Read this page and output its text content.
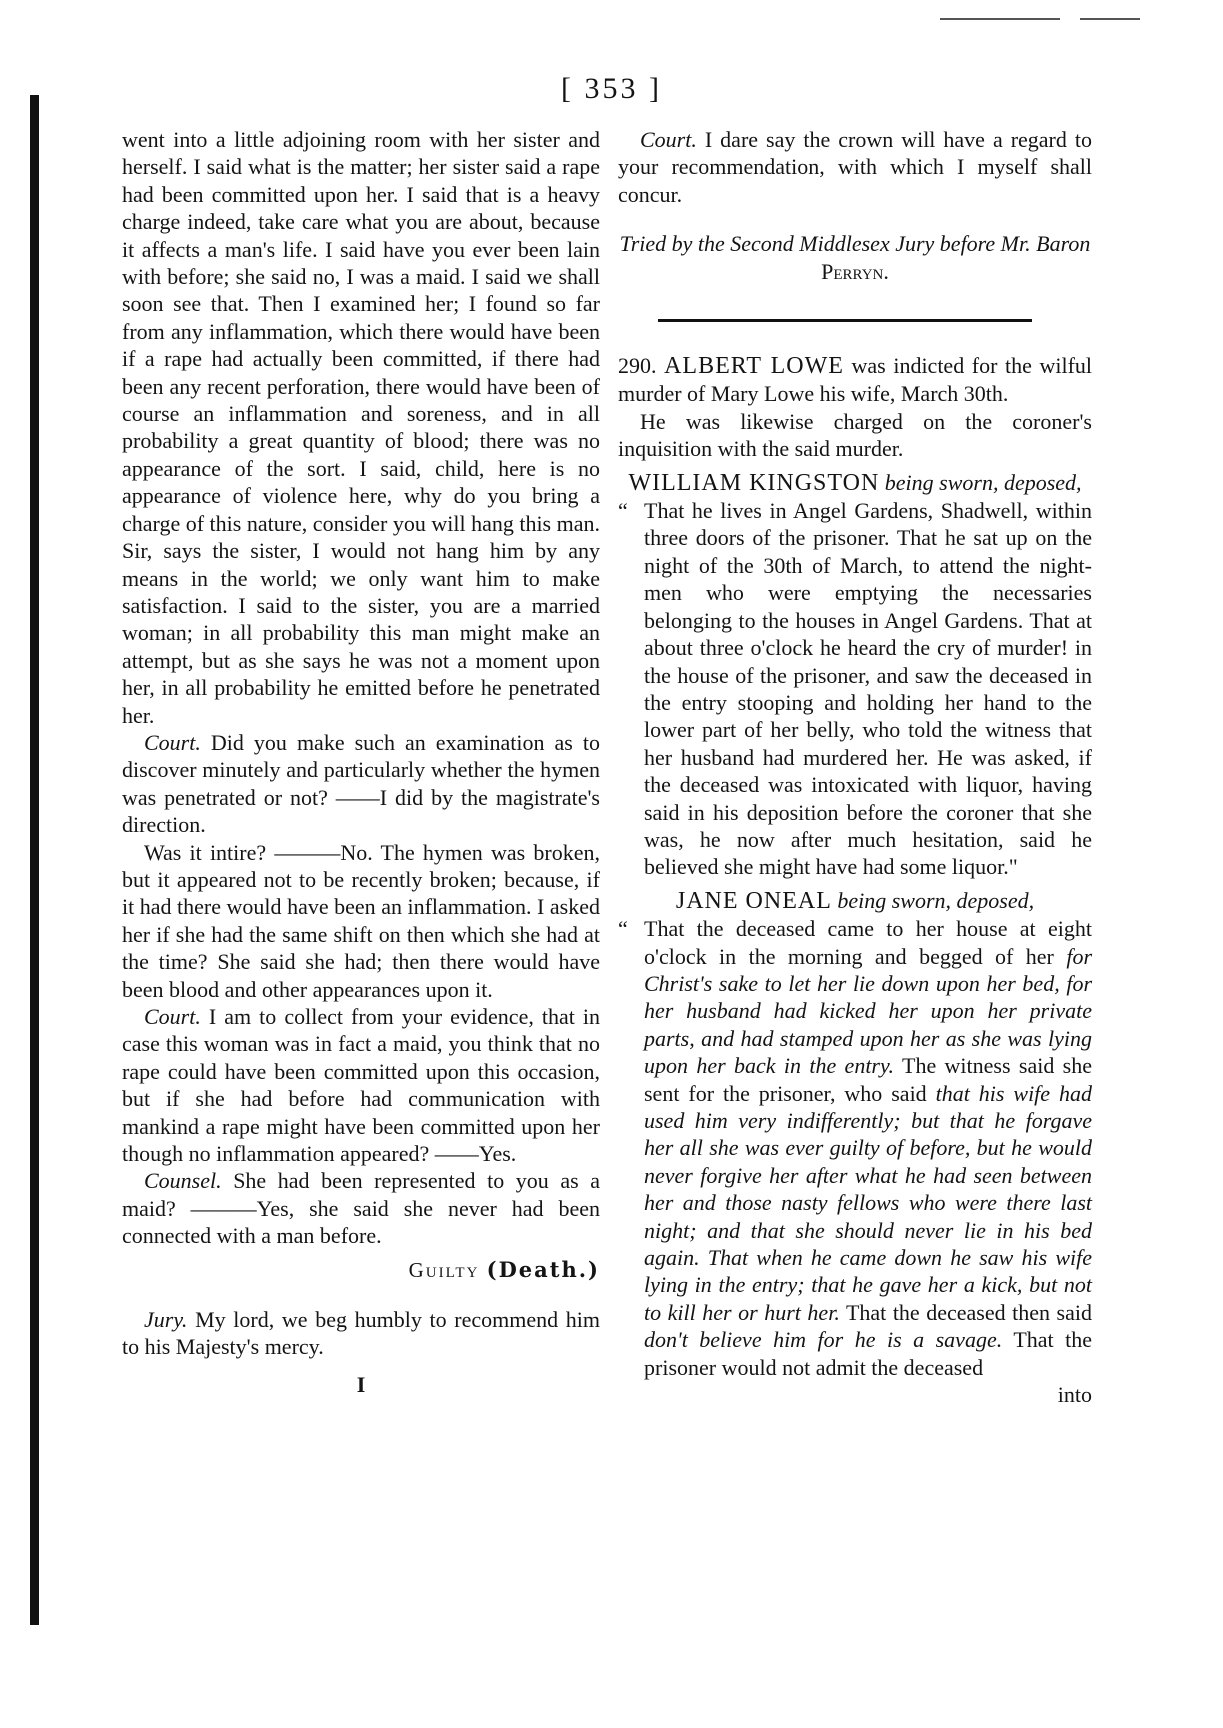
[ 353 ]

went into a little adjoining room with her sister and herself. I said what is the matter; her sister said a rape had been committed upon her. I said that is a heavy charge indeed, take care what you are about, because it affects a man's life. I said have you ever been lain with before; she said no, I was a maid. I said we shall soon see that. Then I examined her; I found so far from any inflammation, which there would have been if a rape had actually been committed, if there had been any recent perforation, there would have been of course an inflammation and soreness, and in all probability a great quantity of blood; there was no appearance of the sort. I said, child, here is no appearance of violence here, why do you bring a charge of this nature, consider you will hang this man. Sir, says the sister, I would not hang him by any means in the world; we only want him to make satisfaction. I said to the sister, you are a married woman; in all probability this man might make an attempt, but as she says he was not a moment upon her, in all probability he emitted before he penetrated her.

Court. Did you make such an examination as to discover minutely and particularly whether the hymen was penetrated or not? ——I did by the magistrate's direction.

Was it intire? ———No. The hymen was broken, but it appeared not to be recently broken; because, if it had there would have been an inflammation. I asked her if she had the same shift on then which she had at the time? She said she had; then there would have been blood and other appearances upon it.

Court. I am to collect from your evidence, that in case this woman was in fact a maid, you think that no rape could have been committed upon this occasion, but if she had before had communication with mankind a rape might have been committed upon her though no inflammation appeared? ——Yes.

Counsel. She had been represented to you as a maid? ———Yes, she said she never had been connected with a man before.

Guilty (Death.)

Jury. My lord, we beg humbly to recommend him to his Majesty's mercy.

I

Court. I dare say the crown will have a regard to your recommendation, with which I myself shall concur.

Tried by the Second Middlesex Jury before Mr. Baron Perryn.

290. ALBERT LOWE was indicted for the wilful murder of Mary Lowe his wife, March 30th.

He was likewise charged on the coroner's inquisition with the said murder.

WILLIAM KINGSTON being sworn, deposed,

“ That he lives in Angel Gardens, Shadwell, within three doors of the prisoner. That he sat up on the night of the 30th of March, to attend the night-men who were emptying the necessaries belonging to the houses in Angel Gardens. That at about three o'clock he heard the cry of murder! in the house of the prisoner, and saw the deceased in the entry stooping and holding her hand to the lower part of her belly, who told the witness that her husband had murdered her. He was asked, if the deceased was intoxicated with liquor, having said in his deposition before the coroner that she was, he now after much hesitation, said he believed she might have had some liquor."

JANE ONEAL being sworn, deposed,

“ That the deceased came to her house at eight o'clock in the morning and begged of her for Christ's sake to let her lie down upon her bed, for her husband had kicked her upon her private parts, and had stamped upon her as she was lying upon her back in the entry. The witness said she sent for the prisoner, who said that his wife had used him very indifferently; but that he forgave her all she was ever guilty of before, but he would never forgive her after what he had seen between her and those nasty fellows who were there last night; and that she should never lie in his bed again. That when he came down he saw his wife lying in the entry; that he gave her a kick, but not to kill her or hurt her. That the deceased then said don't believe him for he is a savage. That the prisoner would not admit the deceased

into
